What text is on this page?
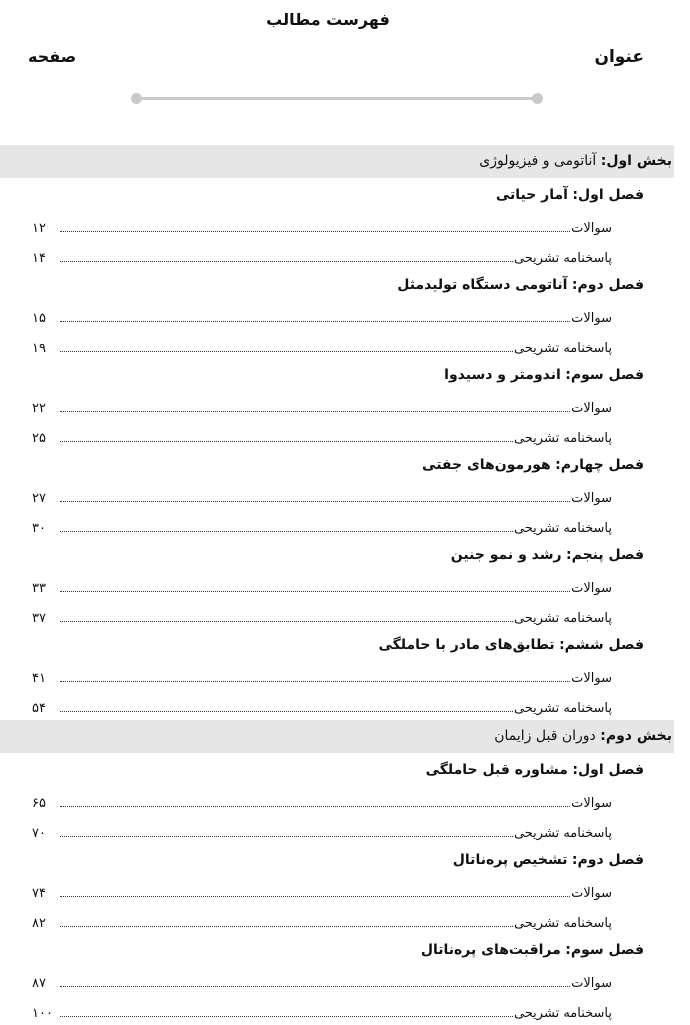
فهرست مطالب
عنوان
صفحه
بخش اول: آناتومی و فیزیولوژی
فصل اول: آمار حیاتی
سوالات
۱۲
پاسخنامه تشریحی
۱۴
فصل دوم: آناتومی دستگاه تولیدمثل
سوالات
۱۵
پاسخنامه تشریحی
۱۹
فصل سوم: اندومتر و دسیدوا
سوالات
۲۲
پاسخنامه تشریحی
۲۵
فصل چهارم: هورمون‌های جفتی
سوالات
۲۷
پاسخنامه تشریحی
۳۰
فصل پنجم: رشد و نمو جنین
سوالات
۳۳
پاسخنامه تشریحی
۳۷
فصل ششم: تطابق‌های مادر با حاملگی
سوالات
۴۱
پاسخنامه تشریحی
۵۴
بخش دوم: دوران قبل زایمان
فصل اول: مشاوره قبل حاملگی
سوالات
۶۵
پاسخنامه تشریحی
۷۰
فصل دوم: تشخیص پره‌ناتال
سوالات
۷۴
پاسخنامه تشریحی
۸۲
فصل سوم: مراقبت‌های پره‌ناتال
سوالات
۸۷
پاسخنامه تشریحی
۱۰۰
